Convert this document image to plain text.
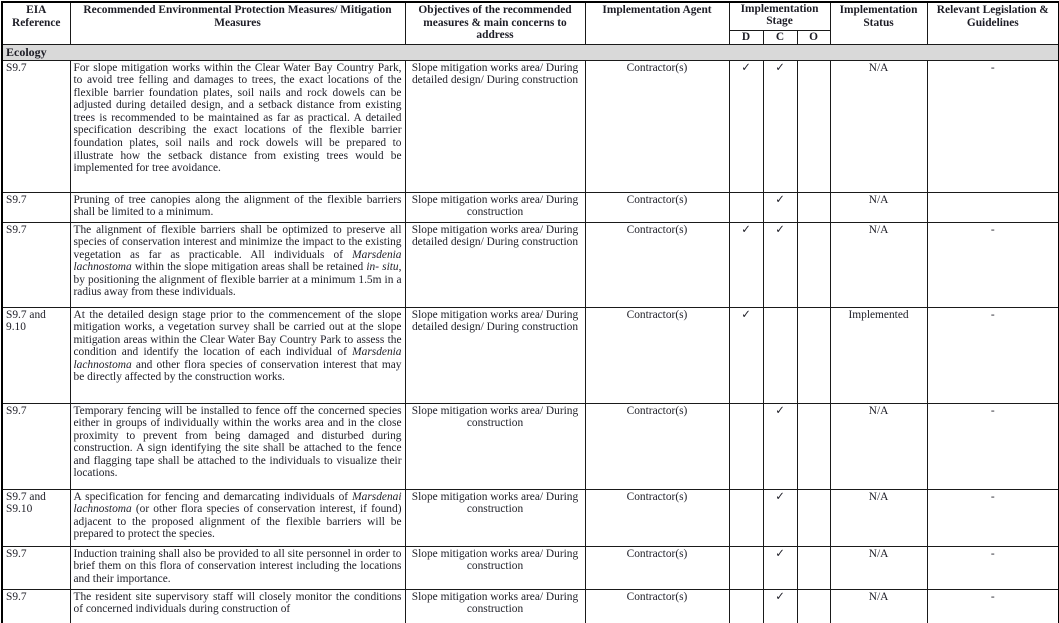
EIA Reference	Recommended Environmental Protection Measures/ Mitigation Measures	Objectives of the recommended measures & main concerns to address	Implementation Agent	Implementation Stage			Implementation Status	Relevant Legislation & Guidelines
				D	C	O		
Ecology								
S9.7	For slope mitigation works within the Clear Water Bay Country Park, to avoid tree felling and damages to trees, the exact locations of the flexible barrier foundation plates, soil nails and rock dowels can be adjusted during detailed design, and a setback distance from existing trees is recommended to be maintained as far as practical. A detailed specification describing the exact locations of the flexible barrier foundation plates, soil nails and rock dowels will be prepared to illustrate how the setback distance from existing trees would be implemented for tree avoidance.	Slope mitigation works area/ During detailed design/ During construction	Contractor(s)	✓	✓		N/A	-
S9.7	Pruning of tree canopies along the alignment of the flexible barriers shall be limited to a minimum.	Slope mitigation works area/ During construction	Contractor(s)		✓		N/A	
S9.7	The alignment of flexible barriers shall be optimized to preserve all species of conservation interest and minimize the impact to the existing vegetation as far as practicable. All individuals of Marsdenia lachnostoma within the slope mitigation areas shall be retained in- situ, by positioning the alignment of flexible barrier at a minimum 1.5m in a radius away from these individuals.	Slope mitigation works area/ During detailed design/ During construction	Contractor(s)	✓	✓		N/A	-
S9.7 and 9.10	At the detailed design stage prior to the commencement of the slope mitigation works, a vegetation survey shall be carried out at the slope mitigation areas within the Clear Water Bay Country Park to assess the condition and identify the location of each individual of Marsdenia lachnostoma and other flora species of conservation interest that may be directly affected by the construction works.	Slope mitigation works area/ During detailed design/ During construction	Contractor(s)	✓			Implemented	-
S9.7	Temporary fencing will be installed to fence off the concerned species either in groups of individually within the works area and in the close proximity to prevent from being damaged and disturbed during construction. A sign identifying the site shall be attached to the fence and flagging tape shall be attached to the individuals to visualize their locations.	Slope mitigation works area/ During construction	Contractor(s)		✓		N/A	-
S9.7 and S9.10	A specification for fencing and demarcating individuals of Marsdenai lachnostoma (or other flora species of conservation interest, if found) adjacent to the proposed alignment of the flexible barriers will be prepared to protect the species.	Slope mitigation works area/ During construction	Contractor(s)		✓		N/A	-
S9.7	Induction training shall also be provided to all site personnel in order to brief them on this flora of conservation interest including the locations and their importance.	Slope mitigation works area/ During construction	Contractor(s)		✓		N/A	-
S9.7	The resident site supervisory staff will closely monitor the conditions of concerned individuals during construction of	Slope mitigation works area/ During construction	Contractor(s)		✓		N/A	-
